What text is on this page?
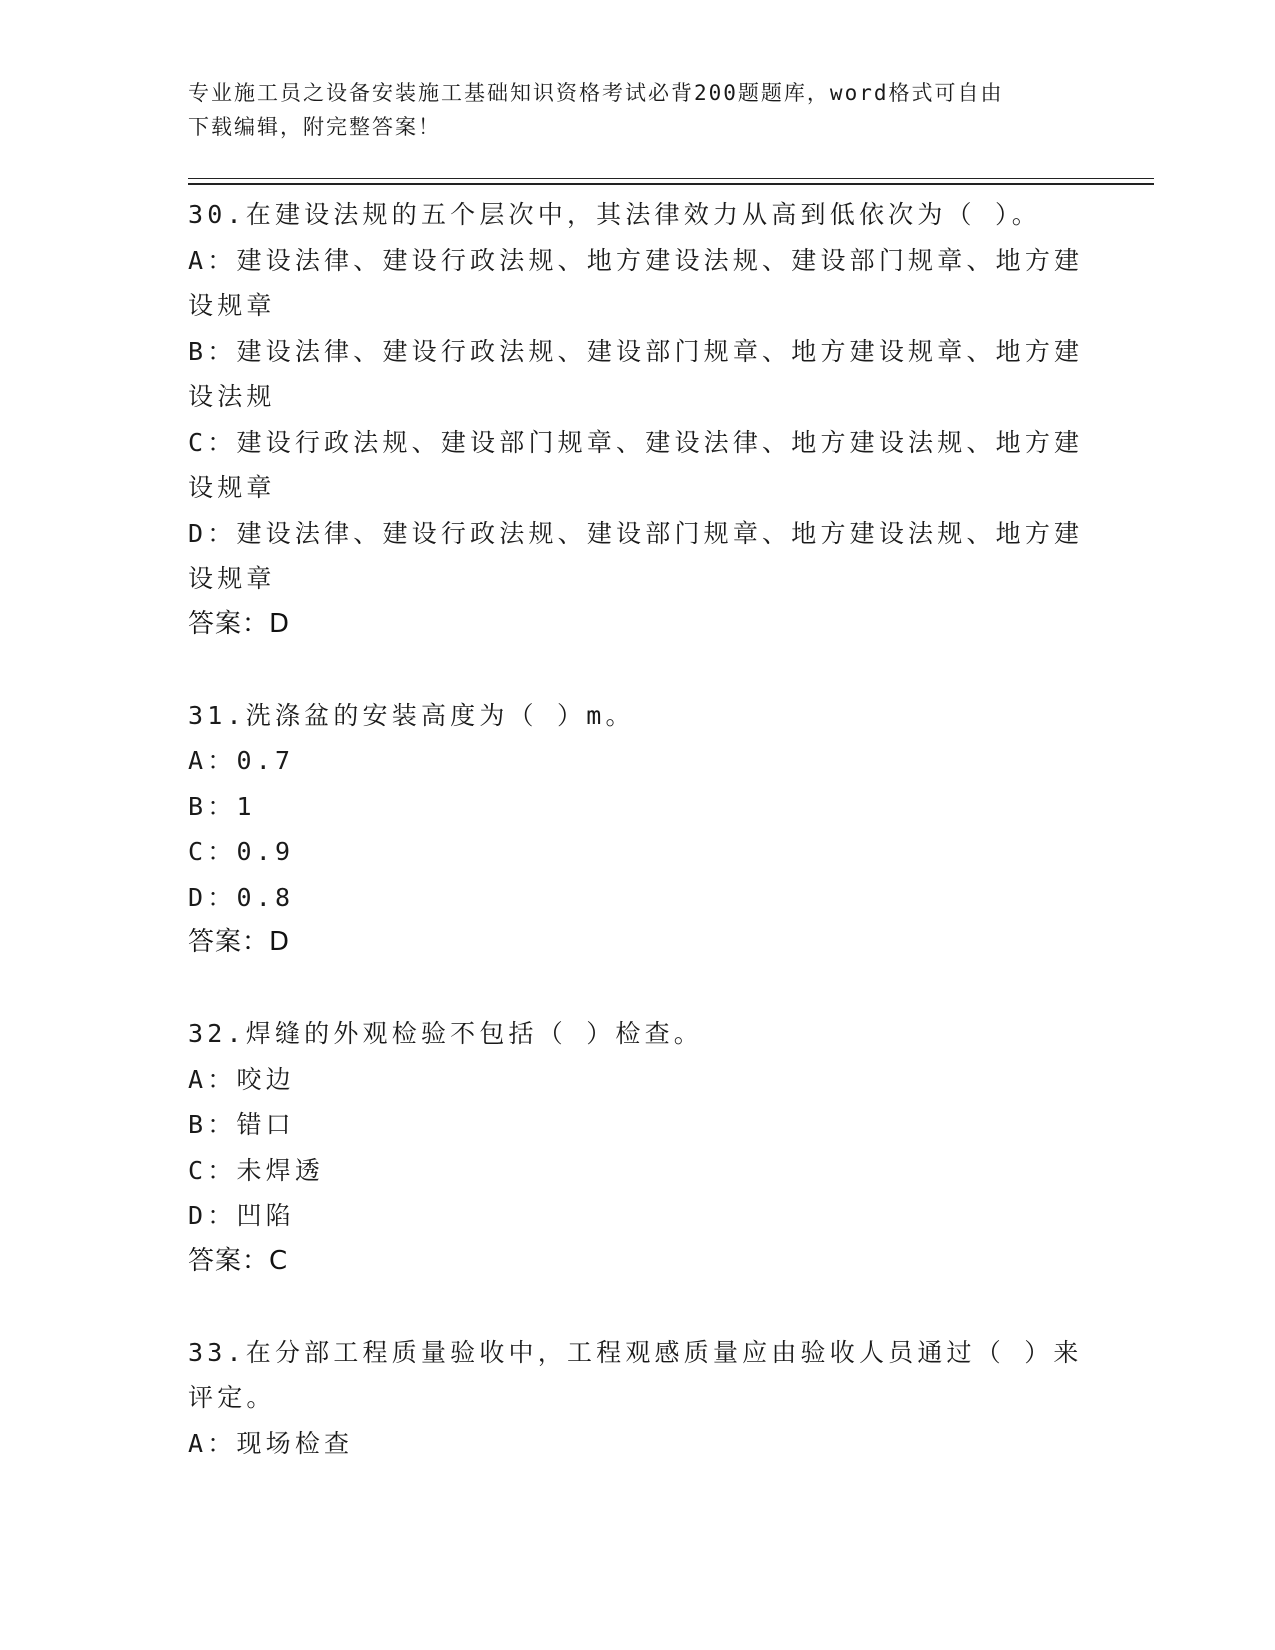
专业施工员之设备安装施工基础知识资格考试必背200题题库，word格式可自由
下载编辑，附完整答案！
30.在建设法规的五个层次中，其法律效力从高到低依次为（ ）。
A：建设法律、建设行政法规、地方建设法规、建设部门规章、地方建
设规章
B：建设法律、建设行政法规、建设部门规章、地方建设规章、地方建
设法规
C：建设行政法规、建设部门规章、建设法律、地方建设法规、地方建
设规章
D：建设法律、建设行政法规、建设部门规章、地方建设法规、地方建
设规章
答案：D
31.洗涤盆的安装高度为（ ）m。
A：0.7
B：1
C：0.9
D：0.8
答案：D
32.焊缝的外观检验不包括（ ）检查。
A：咬边
B：错口
C：未焊透
D：凹陷
答案：C
33.在分部工程质量验收中，工程观感质量应由验收人员通过（ ）来
评定。
A：现场检查
